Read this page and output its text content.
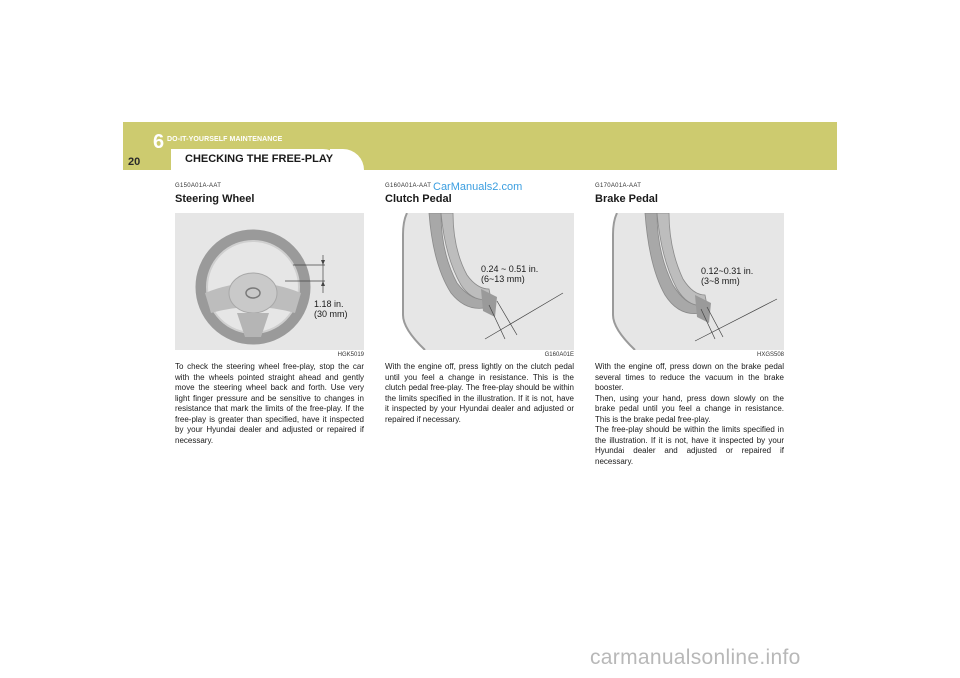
6 DO-IT-YOURSELF MAINTENANCE
20	CHECKING THE FREE-PLAY
CarManuals2.com
G150A01A-AAT
Steering Wheel
1.18 in.
(30 mm)
HGK5019
To check the steering wheel free-play, stop the car with the wheels pointed straight ahead and gently move the steering wheel back and forth. Use very light finger pressure and be sensitive to changes in resistance that mark the limits of the free-play. If the free-play is greater than specified, have it inspected by your Hyundai dealer and adjusted or repaired if necessary.
G160A01A-AAT
Clutch Pedal
0.24 ~ 0.51 in.
(6~13 mm)
G160A01E
With the engine off, press lightly on the clutch pedal until you feel a change in resistance. This is the clutch pedal free-play. The free-play should be within the limits specified in the illustration. If it is not, have it inspected by your Hyundai dealer and adjusted or repaired if necessary.
G170A01A-AAT
Brake Pedal
0.12~0.31 in.
(3~8 mm)
HXGS508
With the engine off, press down on the brake pedal several times to reduce the vacuum in the brake booster.
Then, using your hand, press down slowly on the brake pedal until you feel a change in resistance. This is the brake pedal free-play.
The free-play should be within the limits specified in the illustration. If it is not, have it inspected by your Hyundai dealer and adjusted or repaired if necessary.
carmanualsonline.info
